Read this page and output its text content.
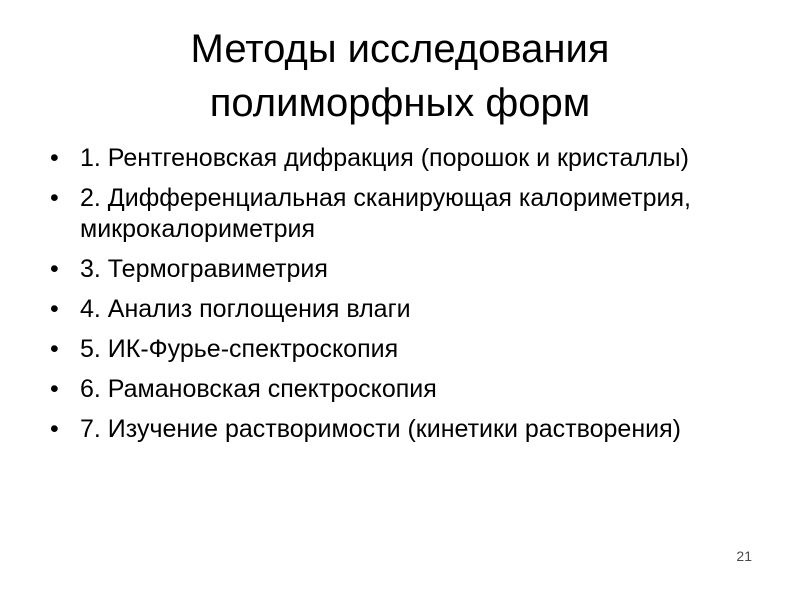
Методы исследования
полиморфных форм
• 1. Рентгеновская дифракция (порошок и кристаллы)
• 2. Дифференциальная сканирующая калориметрия, микрокалориметрия
• 3. Термогравиметрия
• 4. Анализ поглощения влаги
• 5. ИК-Фурье-спектроскопия
• 6. Рамановская спектроскопия
• 7. Изучение растворимости (кинетики растворения)
21
